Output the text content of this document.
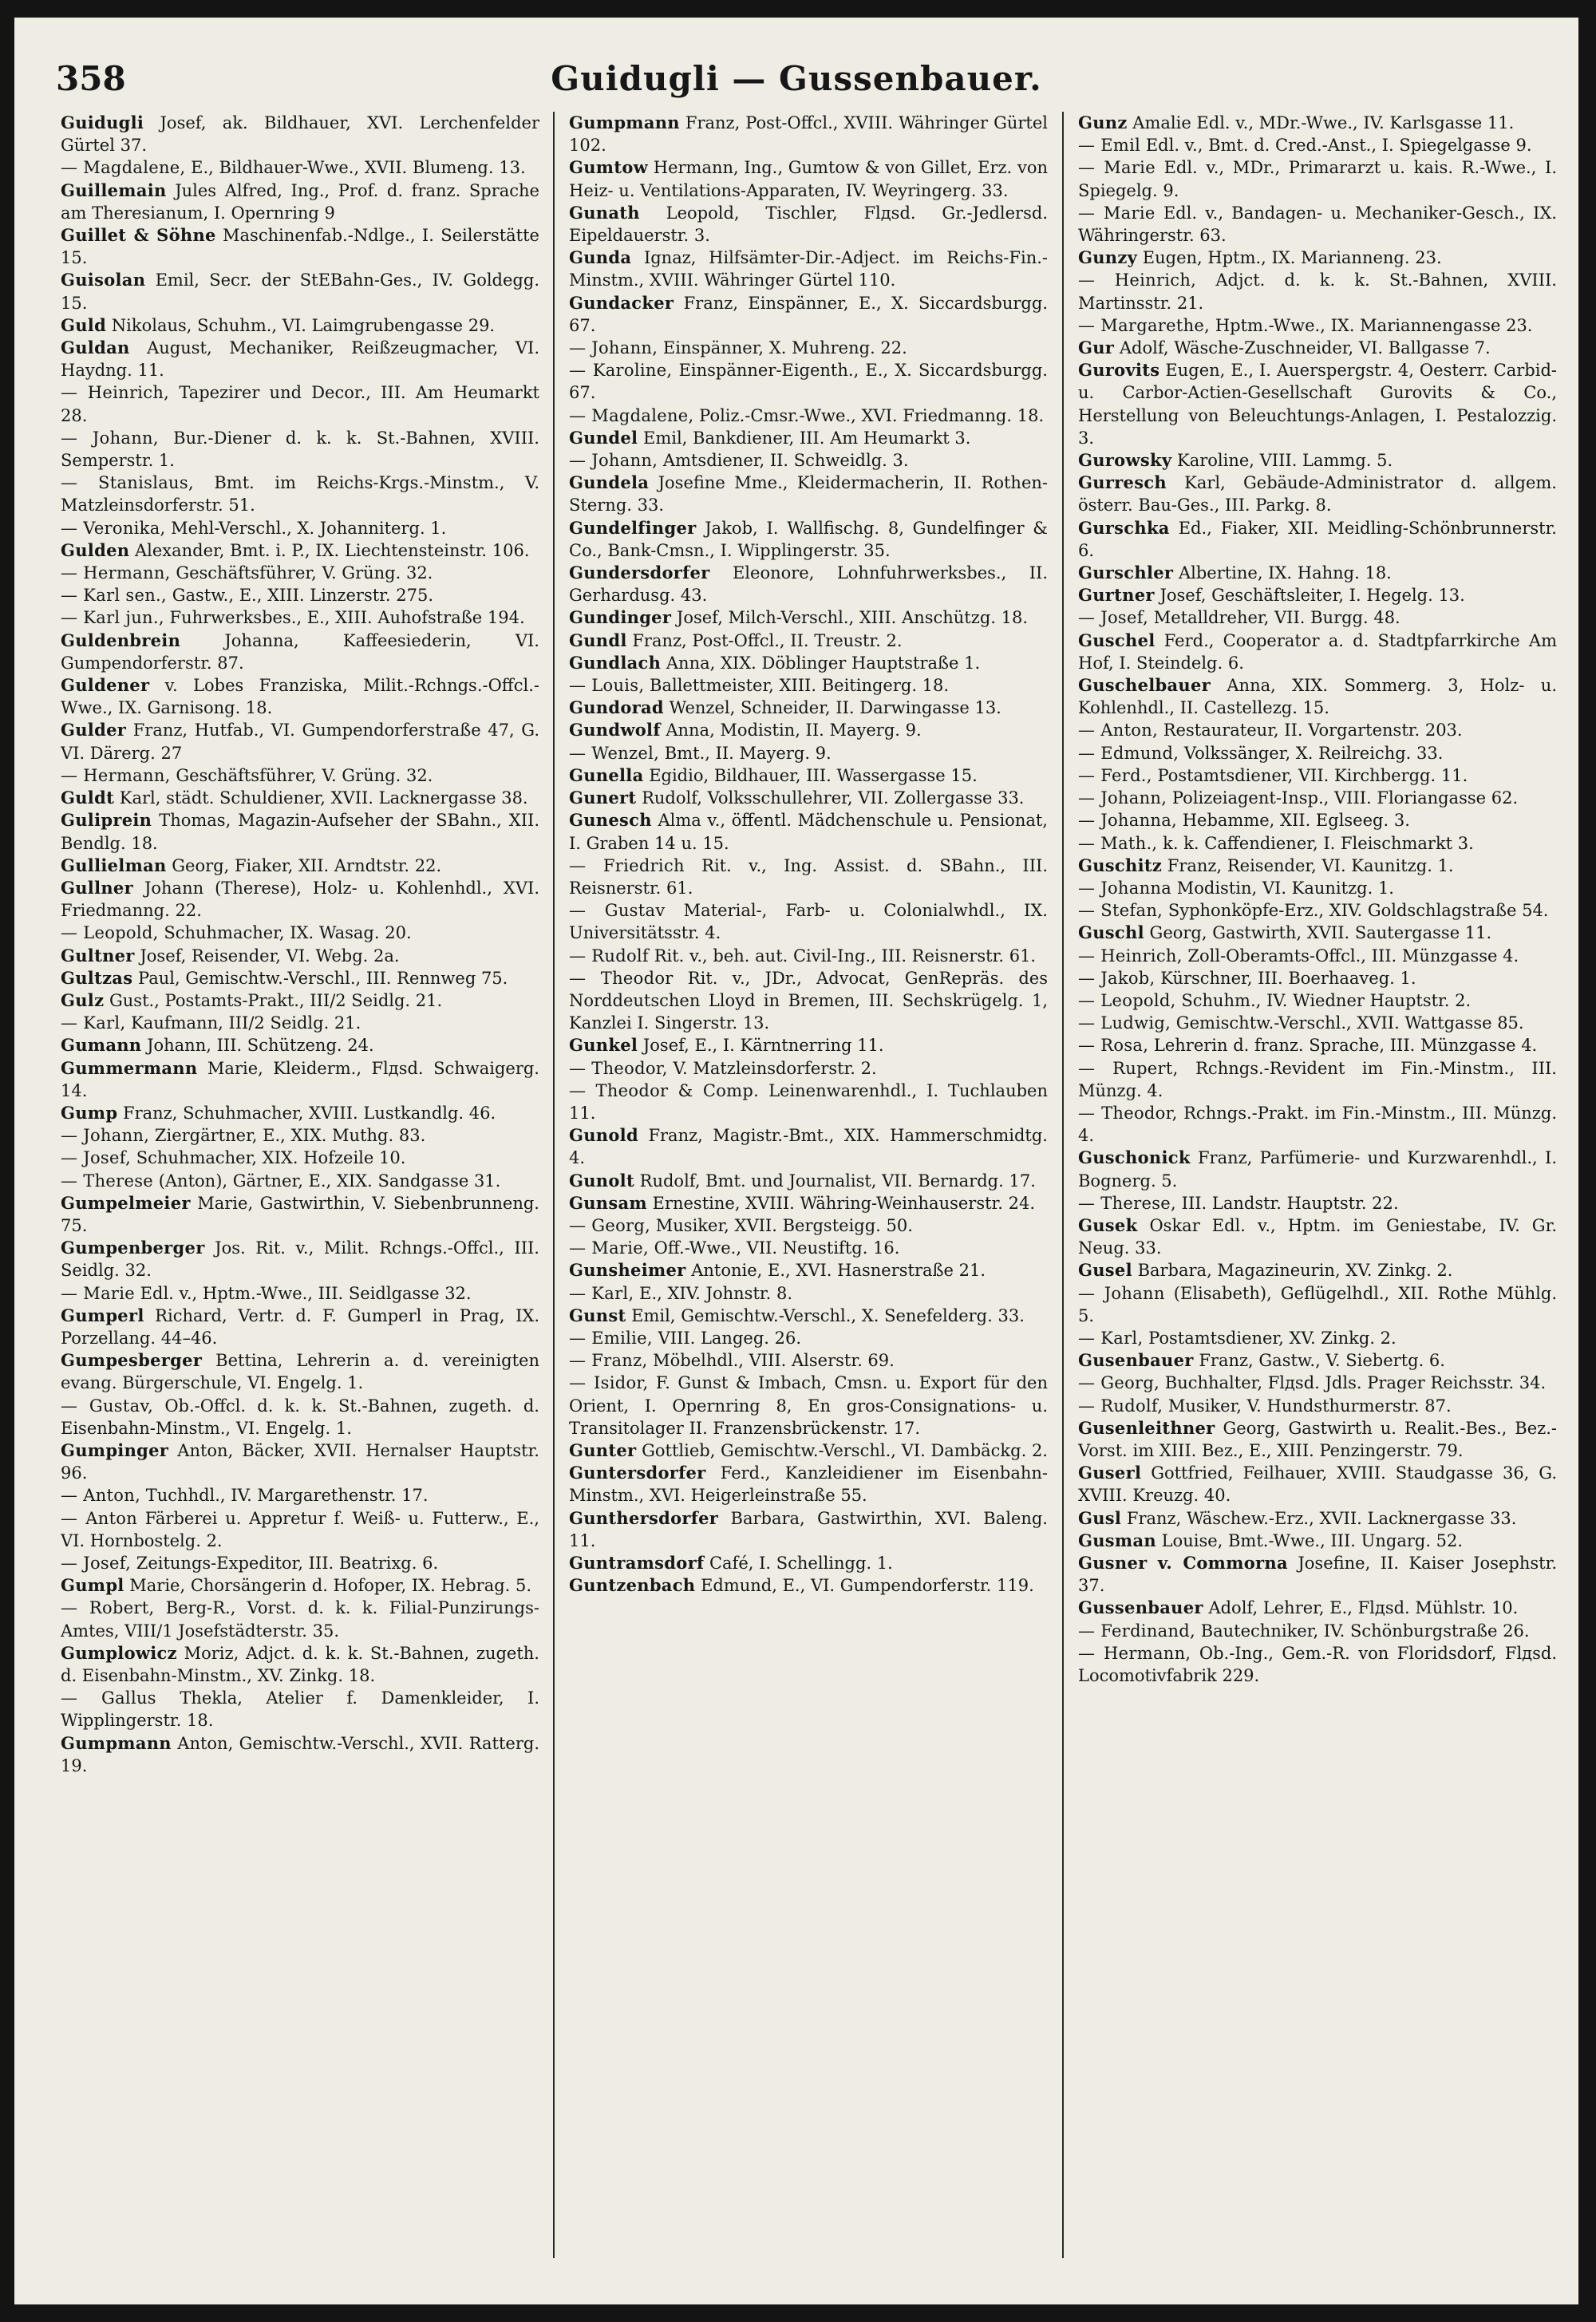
358	Guidugli — Gussenbauer.

Guidugli Josef, ak. Bildhauer, XVI. Lerchenfelder Gürtel 37.

— Magdalene, E., Bildhauer-Wwe., XVII. Blumeng. 13.

Guillemain Jules Alfred, Ing., Prof. d. franz. Sprache am Theresianum, I. Opernring 9

Guillet & Söhne Maschinenfab.-Ndlge., I. Seilerstätte 15.

Guisolan Emil, Secr. der StEBahn-Ges., IV. Goldegg. 15.

Guld Nikolaus, Schuhm., VI. Laimgrubengasse 29.

Guldan August, Mechaniker, Reißzeugmacher, VI. Haydng. 11.

— Heinrich, Tapezirer und Decor., III. Am Heumarkt 28.

— Johann, Bur.-Diener d. k. k. St.-Bahnen, XVIII. Semperstr. 1.

— Stanislaus, Bmt. im Reichs-Krgs.-Minstm., V. Matzleinsdorferstr. 51.

— Veronika, Mehl-Verschl., X. Johanniterg. 1.

Gulden Alexander, Bmt. i. P., IX. Liechtensteinstr. 106.

— Hermann, Geschäftsführer, V. Grüng. 32.

— Karl sen., Gastw., E., XIII. Linzerstr. 275.

— Karl jun., Fuhrwerksbes., E., XIII. Auhofstraße 194.

Guldenbrein	Johanna, Kaffeesiederin, VI. Gumpendorferstr. 87.

Guldener v. Lobes Franziska, Milit.-Rchngs.-Offcl.-Wwe., IX. Garnisong. 18.

Gulder Franz, Hutfab., VI. Gumpendorferstraße 47, G. VI. Därerg. 27

— Hermann, Geschäftsführer, V. Grüng. 32.

Guldt Karl, städt. Schuldiener, XVII. Lacknergasse 38.

Guliprein Thomas, Magazin-Aufseher der SBahn., XII. Bendlg. 18.

Gullielman Georg, Fiaker, XII. Arndtstr. 22.

Gullner Johann (Therese), Holz- u. Kohlenhdl., XVI. Friedmanng. 22.

— Leopold, Schuhmacher, IX. Wasag. 20.

Gultner Josef, Reisender, VI. Webg. 2a.

Gultzas Paul, Gemischtw.-Verschl., III. Rennweg 75.

Gulz Gust., Postamts-Prakt., III/2 Seidlg. 21.

— Karl, Kaufmann, III/2 Seidlg. 21.

Gumann Johann, III. Schützeng. 24.

Gummermann Marie, Kleiderm., Flдsd. Schwaigerg. 14.

Gump Franz, Schuhmacher, XVIII. Lustkandlg. 46.

— Johann, Ziergärtner, E., XIX. Muthg. 83.

— Josef, Schuhmacher, XIX. Hofzeile 10.

— Therese (Anton), Gärtner, E., XIX. Sandgasse 31.

Gumpelmeier Marie, Gastwirthin, V. Siebenbrunneng. 75.

Gumpenberger Jos. Rit. v., Milit. Rchngs.-Offcl., III. Seidlg. 32.

— Marie Edl. v., Hptm.-Wwe., III. Seidlgasse 32.

Gumperl Richard, Vertr. d. F. Gumperl in Prag, IX. Porzellang. 44–46.

Gumpesberger Bettina, Lehrerin a. d. vereinigten evang. Bürgerschule, VI. Engelg. 1.

— Gustav, Ob.-Offcl. d. k. k. St.-Bahnen, zugeth. d. Eisenbahn-Minstm., VI. Engelg. 1.

Gumpinger Anton, Bäcker, XVII. Hernalser Hauptstr. 96.

— Anton, Tuchhdl., IV. Margarethenstr. 17.

— Anton Färberei u. Appretur f. Weiß- u. Futterw., E., VI. Hornbostelg. 2.

— Josef, Zeitungs-Expeditor, III. Beatrixg. 6.

Gumpl Marie, Chorsängerin d. Hofoper, IX. Hebrag. 5.

— Robert, Berg-R., Vorst. d. k. k. Filial-Punzirungs-Amtes, VIII/1 Josefstädterstr. 35.

Gumplowicz Moriz, Adjct. d. k. k. St.-Bahnen, zugeth. d. Eisenbahn-Minstm., XV. Zinkg. 18.

— Gallus Thekla, Atelier f. Damenkleider, I. Wipplingerstr. 18.

Gumpmann Anton, Gemischtw.-Verschl., XVII. Ratterg. 19.

Gumpmann Franz, Post-Offcl., XVIII. Währinger Gürtel 102.

Gumtow Hermann, Ing., Gumtow & von Gillet, Erz. von Heiz- u. Ventilations-Apparaten, IV. Weyringerg. 33.

Gunath Leopold, Tischler, Flдsd. Gr.-Jedlersd. Eipeldauerstr. 3.

Gunda Ignaz, Hilfsämter-Dir.-Adject. im Reichs-Fin.-Minstm., XVIII. Währinger Gürtel 110.

Gundacker Franz, Einspänner, E., X. Siccardsburgg. 67.

— Johann, Einspänner, X. Muhreng. 22.

— Karoline, Einspänner-Eigenth., E., X. Siccardsburgg. 67.

— Magdalene, Poliz.-Cmsr.-Wwe., XVI. Friedmanng. 18.

Gundel Emil, Bankdiener, III. Am Heumarkt 3.

— Johann, Amtsdiener, II. Schweidlg. 3.

Gundela Josefine Mme., Kleidermacherin, II. Rothen-Sterng. 33.

Gundelfinger Jakob, I. Wallfischg. 8, Gundelfinger & Co., Bank-Cmsn., I. Wipplingerstr. 35.

Gundersdorfer Eleonore, Lohnfuhrwerksbes., II. Gerhardusg. 43.

Gundinger Josef, Milch-Verschl., XIII. Anschützg. 18.

Gundl Franz, Post-Offcl., II. Treustr. 2.

Gundlach Anna, XIX. Döblinger Hauptstraße 1.

— Louis, Ballettmeister, XIII. Beitingerg. 18.

Gundorad Wenzel, Schneider, II. Darwingasse 13.

Gundwolf Anna, Modistin, II. Mayerg. 9.

— Wenzel, Bmt., II. Mayerg. 9.

Gunella Egidio, Bildhauer, III. Wassergasse 15.

Gunert Rudolf, Volksschullehrer, VII. Zollergasse 33.

Gunesch Alma v., öffentl. Mädchenschule u. Pensionat, I. Graben 14 u. 15.

— Friedrich Rit. v., Ing. Assist. d. SBahn., III. Reisnerstr. 61.

— Gustav Material-, Farb- u. Colonialwhdl., IX. Universitätsstr. 4.

— Rudolf Rit. v., beh. aut. Civil-Ing., III. Reisnerstr. 61.

— Theodor Rit. v., JDr., Advocat, GenRepräs. des Norddeutschen Lloyd in Bremen, III. Sechskrügelg. 1, Kanzlei I. Singerstr. 13.

Gunkel Josef, E., I. Kärntnerring 11.

— Theodor, V. Matzleinsdorferstr. 2.

— Theodor & Comp. Leinenwarenhdl., I. Tuchlauben 11.

Gunold Franz, Magistr.-Bmt., XIX. Hammerschmidtg. 4.

Gunolt Rudolf, Bmt. und Journalist, VII. Bernardg. 17.

Gunsam Ernestine, XVIII. Währing-Weinhauserstr. 24.

— Georg, Musiker, XVII. Bergsteigg. 50.

— Marie, Off.-Wwe., VII. Neustiftg. 16.

Gunsheimer Antonie, E., XVI. Hasnerstraße 21.

— Karl, E., XIV. Johnstr. 8.

Gunst Emil, Gemischtw.-Verschl., X. Senefelderg. 33.

— Emilie, VIII. Langeg. 26.

— Franz, Möbelhdl., VIII. Alserstr. 69.

— Isidor, F. Gunst & Imbach, Cmsn. u. Export für den Orient, I. Opernring 8, En gros-Consignations- u. Transitolager II. Franzensbrückenstr. 17.

Gunter Gottlieb, Gemischtw.-Verschl., VI. Dambäckg. 2.

Guntersdorfer Ferd., Kanzleidiener im Eisenbahn-Minstm., XVI. Heigerleinstraße 55.

Gunthersdorfer Barbara, Gastwirthin, XVI. Baleng. 11.

Guntramsdorf Café, I. Schellingg. 1.

Guntzenbach Edmund, E., VI. Gumpendorferstr. 119.

Gunz Amalie Edl. v., MDr.-Wwe., IV. Karlsgasse 11.

— Emil Edl. v., Bmt. d. Cred.-Anst., I. Spiegelgasse 9.

— Marie Edl. v., MDr., Primararzt u. kais. R.-Wwe., I. Spiegelg. 9.

— Marie Edl. v., Bandagen- u. Mechaniker-Gesch., IX. Währingerstr. 63.

Gunzy Eugen, Hptm., IX. Marianneng. 23.

— Heinrich, Adjct. d. k. k. St.-Bahnen, XVIII. Martinsstr. 21.

— Margarethe, Hptm.-Wwe., IX. Mariannengasse 23.

Gur Adolf, Wäsche-Zuschneider, VI. Ballgasse 7.

Gurovits Eugen, E., I. Auerspergstr. 4, Oesterr. Carbid- u. Carbor-Actien-Gesellschaft Gurovits & Co., Herstellung von Beleuchtungs-Anlagen, I. Pestalozzig. 3.

Gurowsky Karoline, VIII. Lammg. 5.

Gurresch Karl, Gebäude-Administrator d. allgem. österr. Bau-Ges., III. Parkg. 8.

Gurschka Ed., Fiaker, XII. Meidling-Schönbrunnerstr. 6.

Gurschler Albertine, IX. Hahng. 18.

Gurtner Josef, Geschäftsleiter, I. Hegelg. 13.

— Josef, Metalldreher, VII. Burgg. 48.

Guschel Ferd., Cooperator a. d. Stadtpfarrkirche Am Hof, I. Steindelg. 6.

Guschelbauer Anna, XIX. Sommerg. 3, Holz- u. Kohlenhdl., II. Castellezg. 15.

— Anton, Restaurateur, II. Vorgartenstr. 203.

— Edmund, Volkssänger, X. Reilreichg. 33.

— Ferd., Postamtsdiener, VII. Kirchbergg. 11.

— Johann, Polizeiagent-Insp., VIII. Floriangasse 62.

— Johanna, Hebamme, XII. Eglseeg. 3.

— Math., k. k. Caffendiener, I. Fleischmarkt 3.

Guschitz Franz, Reisender, VI. Kaunitzg. 1.

— Johanna Modistin, VI. Kaunitzg. 1.

— Stefan, Syphonköpfe-Erz., XIV. Goldschlagstraße 54.

Guschl Georg, Gastwirth, XVII. Sautergasse 11.

— Heinrich, Zoll-Oberamts-Offcl., III. Münzgasse 4.

— Jakob, Kürschner, III. Boerhaaveg. 1.

— Leopold, Schuhm., IV. Wiedner Hauptstr. 2.

— Ludwig, Gemischtw.-Verschl., XVII. Wattgasse 85.

— Rosa, Lehrerin d. franz. Sprache, III. Münzgasse 4.

— Rupert, Rchngs.-Revident im Fin.-Minstm., III. Münzg. 4.

— Theodor, Rchngs.-Prakt. im Fin.-Minstm., III. Münzg. 4.

Guschonick Franz, Parfümerie- und Kurzwarenhdl., I. Bognerg. 5.

— Therese, III. Landstr. Hauptstr. 22.

Gusek Oskar Edl. v., Hptm. im Geniestabe, IV. Gr. Neug. 33.

Gusel Barbara, Magazineurin, XV. Zinkg. 2.

— Johann (Elisabeth), Geflügelhdl., XII. Rothe Mühlg. 5.

— Karl, Postamtsdiener, XV. Zinkg. 2.

Gusenbauer Franz, Gastw., V. Siebertg. 6.

— Georg, Buchhalter, Flдsd. Jdls. Prager Reichsstr. 34.

— Rudolf, Musiker, V. Hundsthurmerstr. 87.

Gusenleithner Georg, Gastwirth u. Realit.-Bes., Bez.-Vorst. im XIII. Bez., E., XIII. Penzingerstr. 79.

Guserl Gottfried, Feilhauer, XVIII. Staudgasse 36, G. XVIII. Kreuzg. 40.

Gusl Franz, Wäschew.-Erz., XVII. Lacknergasse 33.

Gusman Louise, Bmt.-Wwe., III. Ungarg. 52.

Gusner v. Commorna Josefine, II. Kaiser Josephstr. 37.

Gussenbauer Adolf, Lehrer, E., Flдsd. Mühlstr. 10.

— Ferdinand, Bautechniker, IV. Schönburgstraße 26.

— Hermann, Ob.-Ing., Gem.-R. von Floridsdorf, Flдsd. Locomotivfabrik 229.
